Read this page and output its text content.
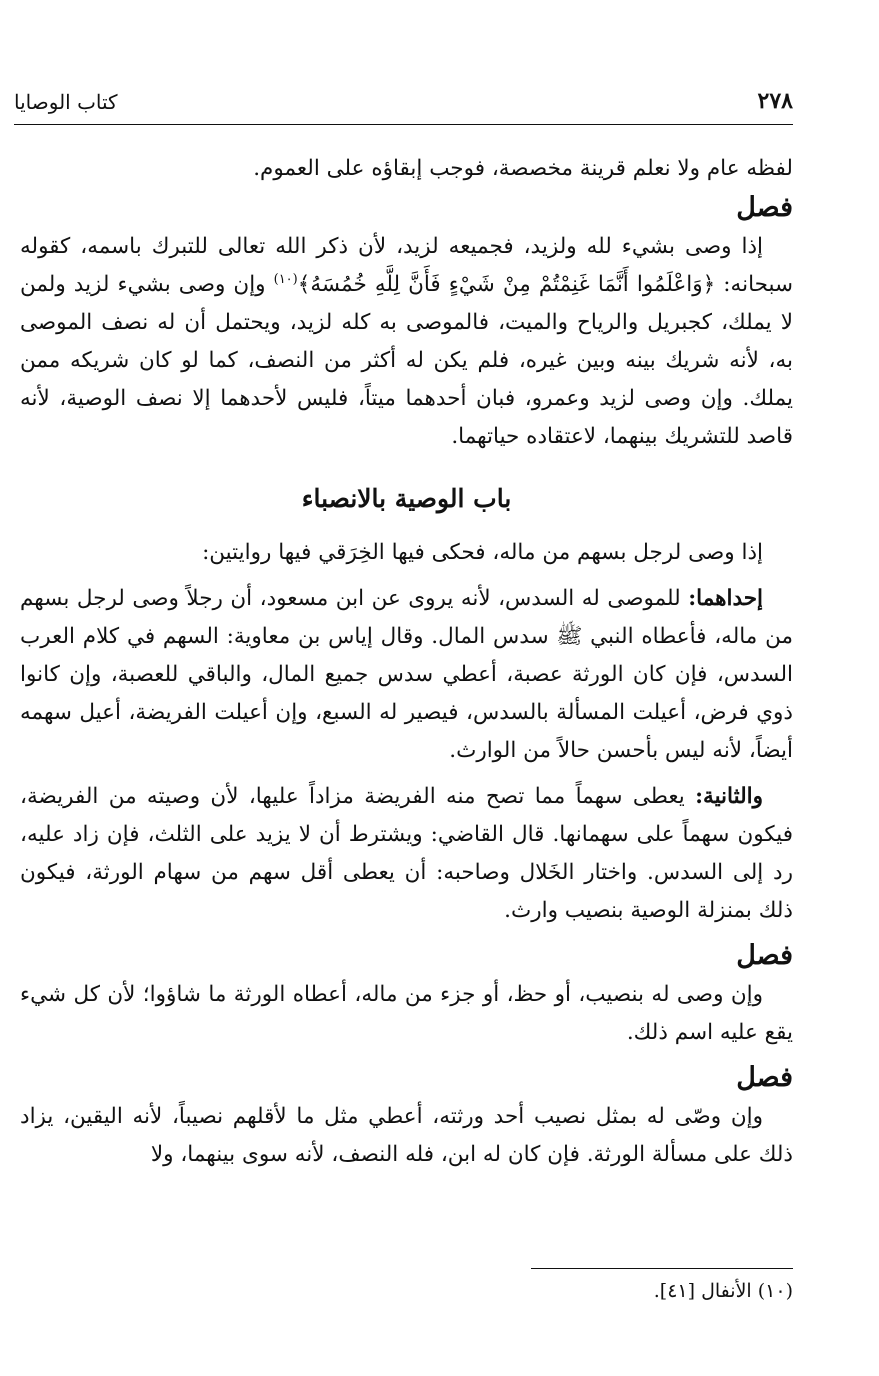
٢٧٨
كتاب الوصايا

لفظه عام ولا نعلم قرينة مخصصة، فوجب إبقاؤه على العموم.

فصل

إذا وصى بشيء لله ولزيد، فجميعه لزيد، لأن ذكر الله تعالى للتبرك باسمه، كقوله سبحانه: ﴿وَاعْلَمُوا أَنَّمَا غَنِمْتُمْ مِنْ شَيْءٍ فَأَنَّ لِلَّهِ خُمُسَهُ﴾$^{(١٠)}$ وإن وصى بشيء لزيد ولمن لا يملك، كجبريل والرياح والميت، فالموصى به كله لزيد، ويحتمل أن له نصف الموصى به، لأنه شريك بينه وبين غيره، فلم يكن له أكثر من النصف، كما لو كان شريكه ممن يملك. وإن وصى لزيد وعمرو، فبان أحدهما ميتاً، فليس لأحدهما إلا نصف الوصية، لأنه قاصد للتشريك بينهما، لاعتقاده حياتهما.

باب الوصية بالانصباء

إذا وصى لرجل بسهم من ماله، فحكى فيها الخِرَقي فيها روايتين:

إحداهما: للموصى له السدس، لأنه يروى عن ابن مسعود، أن رجلاً وصى لرجل بسهم من ماله، فأعطاه النبي ﷺ سدس المال. وقال إياس بن معاوية: السهم في كلام العرب السدس، فإن كان الورثة عصبة، أعطي سدس جميع المال، والباقي للعصبة، وإن كانوا ذوي فرض، أعيلت المسألة بالسدس، فيصير له السبع، وإن أعيلت الفريضة، أعيل سهمه أيضاً، لأنه ليس بأحسن حالاً من الوارث.

والثانية: يعطى سهماً مما تصح منه الفريضة مزاداً عليها، لأن وصيته من الفريضة، فيكون سهماً على سهمانها. قال القاضي: ويشترط أن لا يزيد على الثلث، فإن زاد عليه، رد إلى السدس. واختار الخَلال وصاحبه: أن يعطى أقل سهم من سهام الورثة، فيكون ذلك بمنزلة الوصية بنصيب وارث.

فصل

وإن وصى له بنصيب، أو حظ، أو جزء من ماله، أعطاه الورثة ما شاؤوا؛ لأن كل شيء يقع عليه اسم ذلك.

فصل

وإن وصّى له بمثل نصيب أحد ورثته، أعطي مثل ما لأقلهم نصيباً، لأنه اليقين، يزاد ذلك على مسألة الورثة. فإن كان له ابن، فله النصف، لأنه سوى بينهما، ولا

(١٠) الأنفال [٤١].
